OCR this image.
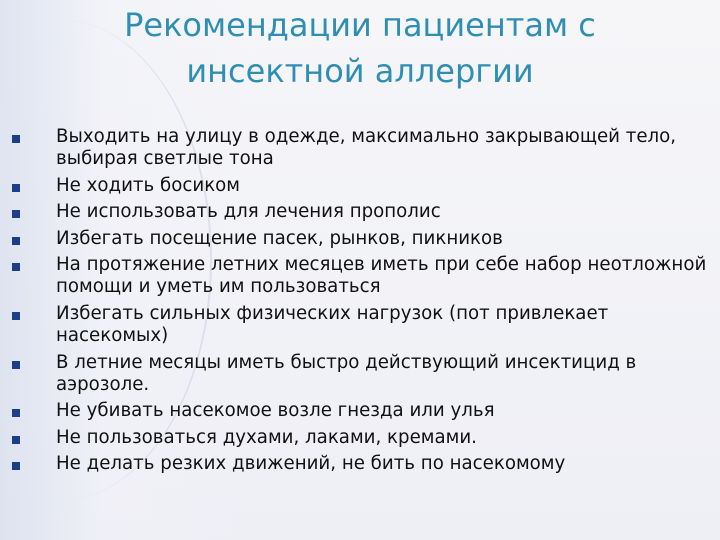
Рекомендации пациентам с
инсектной аллергии
Выходить на улицу в одежде, максимально закрывающей тело, выбирая светлые тона
Не ходить босиком
Не использовать для лечения прополис
Избегать посещение пасек, рынков, пикников
На протяжение летних месяцев иметь при себе набор неотложной помощи и уметь им пользоваться
Избегать сильных физических нагрузок (пот привлекает насекомых)
В летние месяцы иметь быстро действующий инсектицид в аэрозоле.
Не убивать насекомое возле гнезда или улья
Не пользоваться духами, лаками, кремами.
Не делать резких движений, не бить по насекомому
